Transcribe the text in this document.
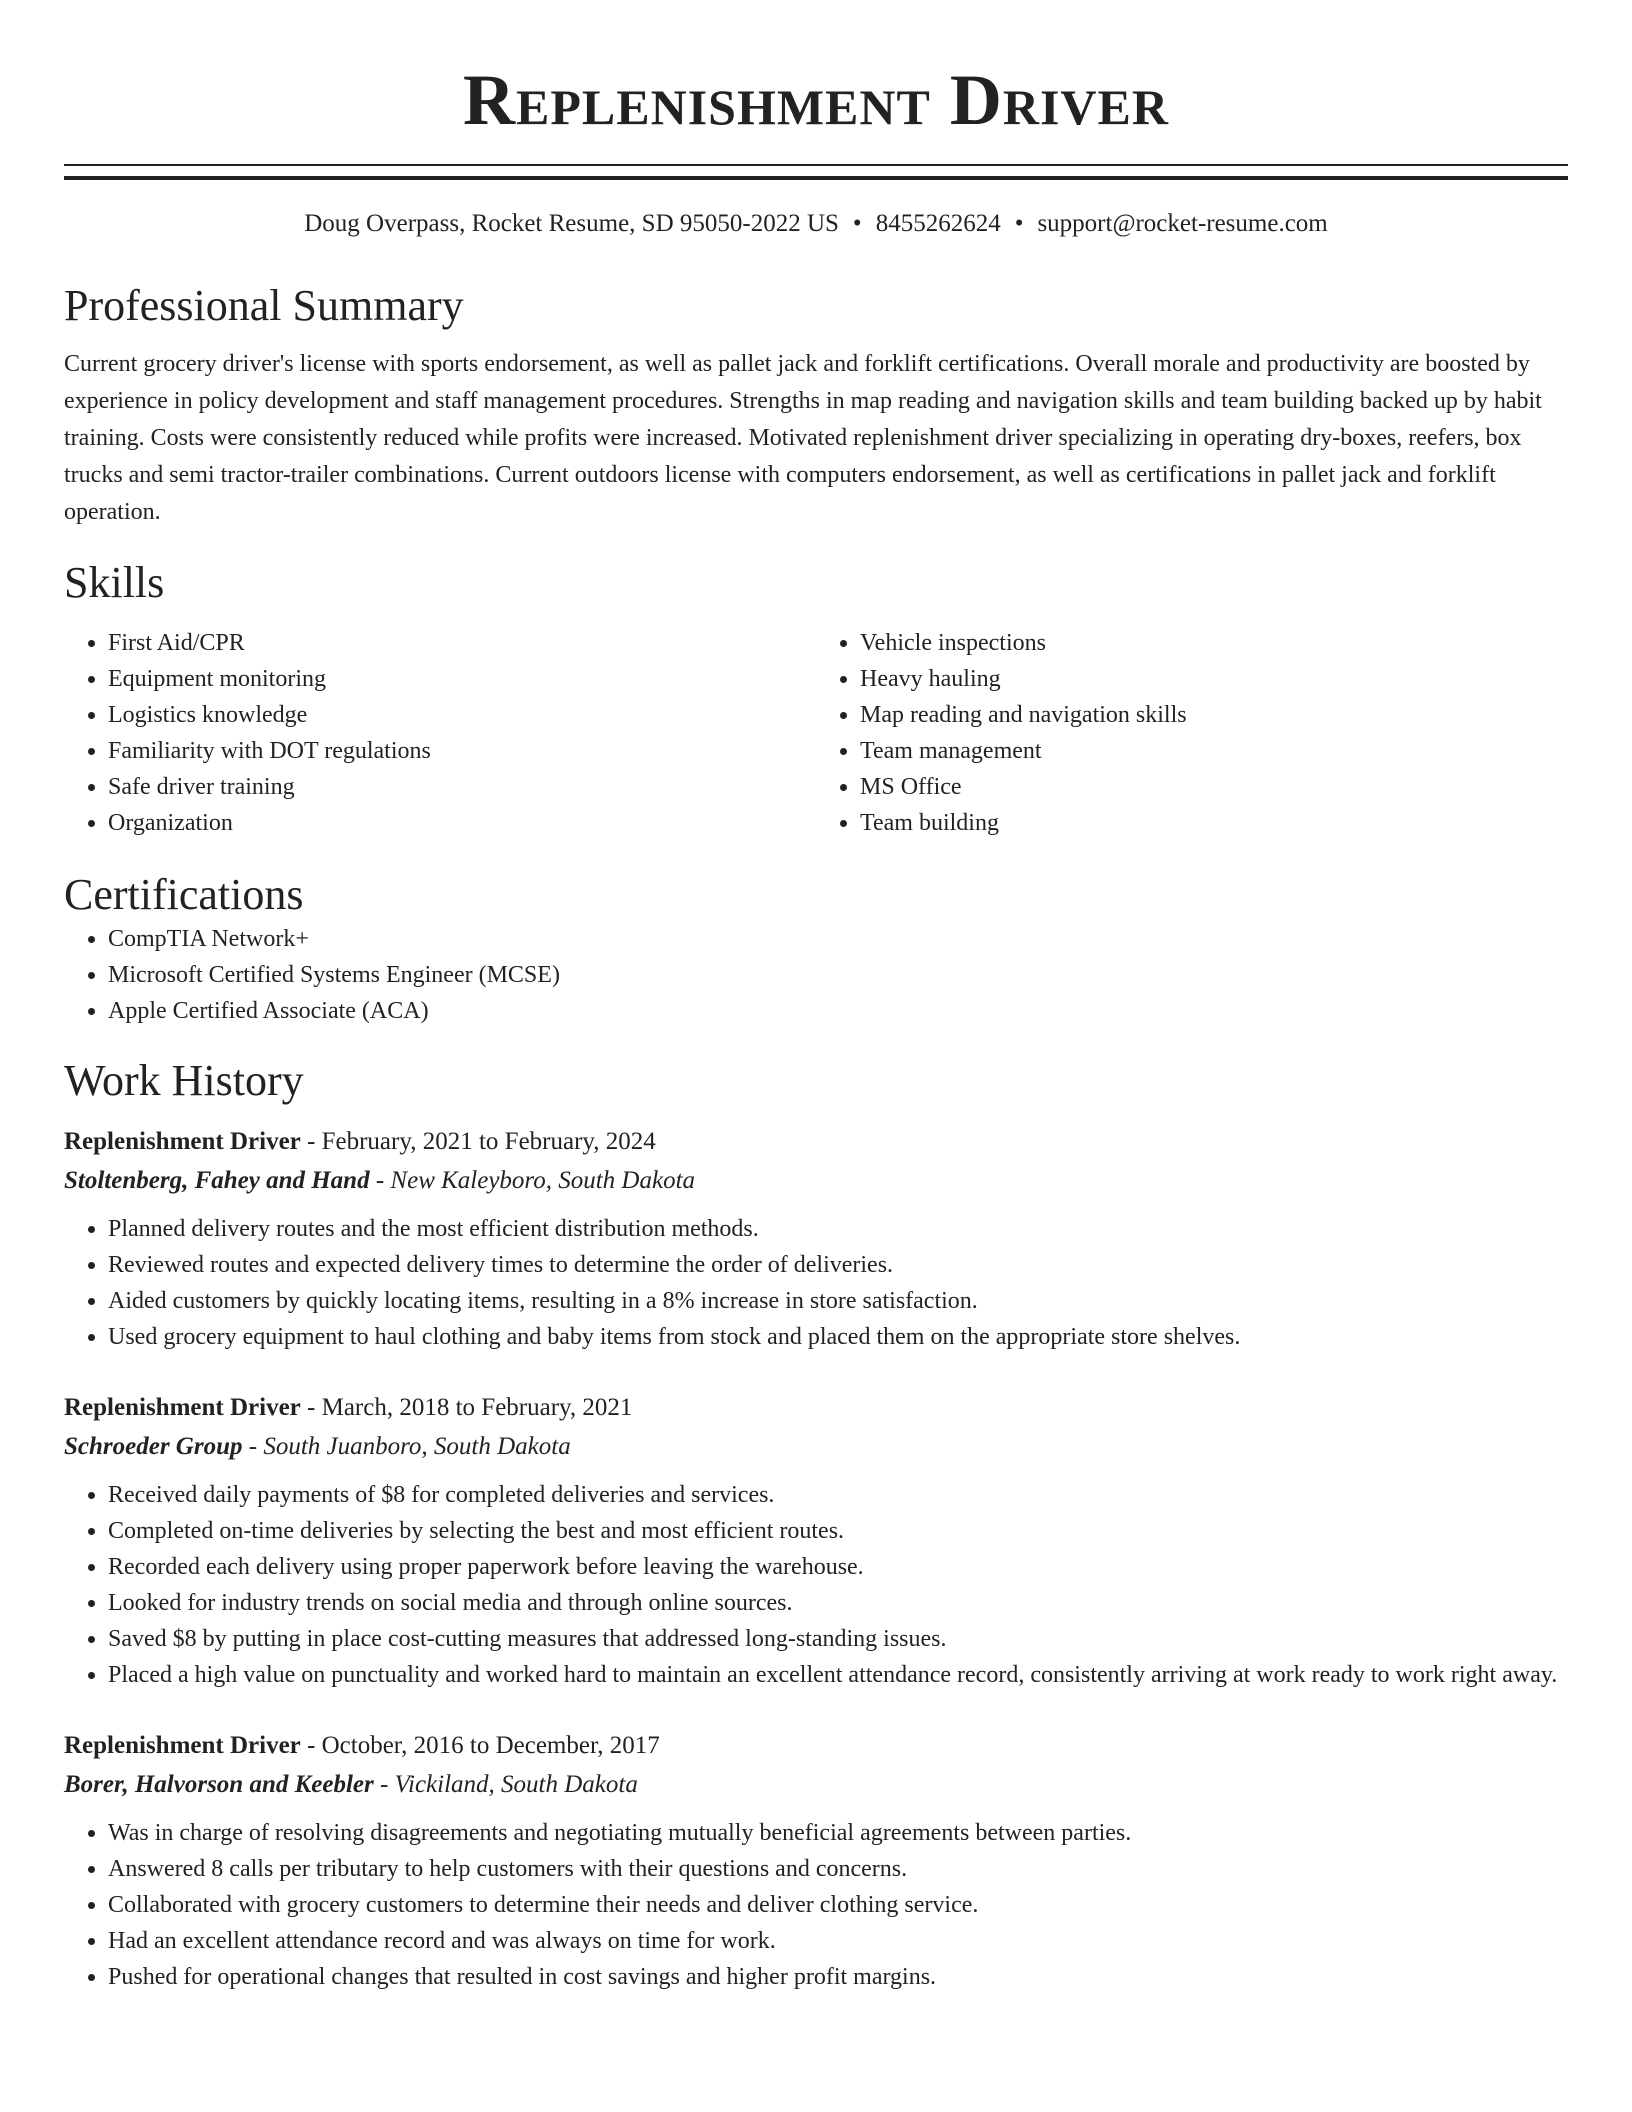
Replenishment Driver
Doug Overpass, Rocket Resume, SD 95050-2022 US • 8455262624 • support@rocket-resume.com
Professional Summary

Current grocery driver's license with sports endorsement, as well as pallet jack and forklift certifications. Overall morale and productivity are boosted by experience in policy development and staff management procedures. Strengths in map reading and navigation skills and team building backed up by habit training. Costs were consistently reduced while profits were increased. Motivated replenishment driver specializing in operating dry-boxes, reefers, box trucks and semi tractor-trailer combinations. Current outdoors license with computers endorsement, as well as certifications in pallet jack and forklift operation.

Skills
• First Aid/CPR
• Equipment monitoring
• Logistics knowledge
• Familiarity with DOT regulations
• Safe driver training
• Organization
• Vehicle inspections
• Heavy hauling
• Map reading and navigation skills
• Team management
• MS Office
• Team building
Certifications
• CompTIA Network+
• Microsoft Certified Systems Engineer (MCSE)
• Apple Certified Associate (ACA)
Work History
Replenishment Driver - February, 2021 to February, 2024
Stoltenberg, Fahey and Hand - New Kaleyboro, South Dakota
• Planned delivery routes and the most efficient distribution methods.
• Reviewed routes and expected delivery times to determine the order of deliveries.
• Aided customers by quickly locating items, resulting in a 8% increase in store satisfaction.
• Used grocery equipment to haul clothing and baby items from stock and placed them on the appropriate store shelves.
Replenishment Driver - March, 2018 to February, 2021
Schroeder Group - South Juanboro, South Dakota
• Received daily payments of $8 for completed deliveries and services.
• Completed on-time deliveries by selecting the best and most efficient routes.
• Recorded each delivery using proper paperwork before leaving the warehouse.
• Looked for industry trends on social media and through online sources.
• Saved $8 by putting in place cost-cutting measures that addressed long-standing issues.
• Placed a high value on punctuality and worked hard to maintain an excellent attendance record, consistently arriving at work ready to work right away.
Replenishment Driver - October, 2016 to December, 2017
Borer, Halvorson and Keebler - Vickiland, South Dakota
• Was in charge of resolving disagreements and negotiating mutually beneficial agreements between parties.
• Answered 8 calls per tributary to help customers with their questions and concerns.
• Collaborated with grocery customers to determine their needs and deliver clothing service.
• Had an excellent attendance record and was always on time for work.
• Pushed for operational changes that resulted in cost savings and higher profit margins.
